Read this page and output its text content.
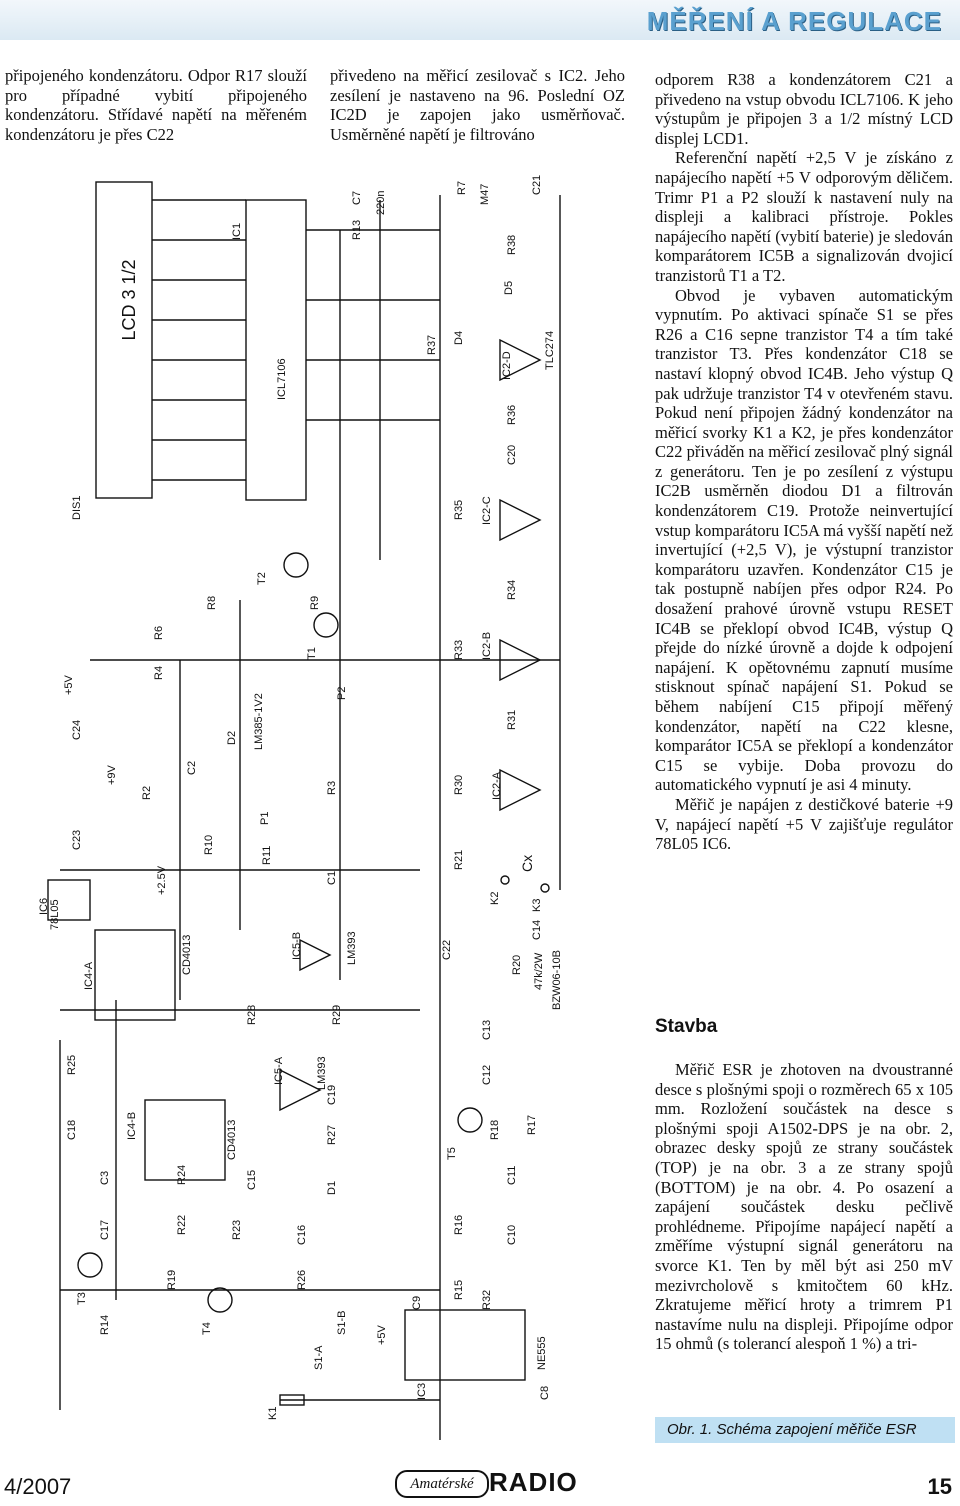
MĚŘENÍ A REGULACE

připojeného kondenzátoru. Odpor R17 slouží pro případné vybití připojeného kondenzátoru. Střídavé napětí na měřeném kondenzátoru je přes C22

přivedeno na měřicí zesilovač s IC2. Jeho zesílení je nastaveno na 96. Poslední OZ IC2D je zapojen jako usměrňovač. Usměrněné napětí je filtrováno

odporem R38 a kondenzátorem C21 a přivedeno na vstup obvodu ICL7106. K jeho výstupům je připojen 3 a 1/2 místný LCD displej LCD1.

Referenční napětí +2,5 V je získáno z napájecího napětí +5 V odporovým děličem. Trimr P1 a P2 slouží k nastavení nuly na displeji a kalibraci přístroje. Pokles napájecího napětí (vybití baterie) je sledován komparátorem IC5B a signalizován dvojicí tranzistorů T1 a T2.

Obvod je vybaven automatickým vypnutím. Po aktivaci spínače S1 se přes R26 a C16 sepne tranzistor T4 a tím také tranzistor T3. Přes kondenzátor C18 se nastaví klopný obvod IC4B. Jeho výstup Q pak udržuje tranzistor T4 v otevřeném stavu. Pokud není připojen žádný kondenzátor na měřicí svorky K1 a K2, je přes kondenzátor C22 přiváděn na měřicí zesilovač plný signál z generátoru. Ten je po zesílení z výstupu IC2B usměrněn diodou D1 a filtrován kondenzátorem C19. Protože neinvertující vstup komparátoru IC5A má vyšší napětí než invertující (+2,5 V), je výstupní tranzistor komparátoru uzavřen. Kondenzátor C15 je tak postupně nabíjen přes odpor R24. Po dosažení prahové úrovně vstupu RESET IC4B se překlopí obvod IC4B, výstup Q přejde do nízké úrovně a dojde k odpojení napájení. K opětovnému zapnutí musíme stisknout spínač napájení S1. Pokud se během nabíjení C15 připojí měřený kondenzátor, napětí na C22 klesne, komparátor IC5A se překlopí a kondenzátor C15 se vybije. Doba provozu do automatického vypnutí je asi 4 minuty.

Měřič je napájen z destičkové baterie +9 V, napájecí napětí +5 V zajišťuje regulátor 78L05 IC6.

Stavba

Měřič ESR je zhotoven na dvoustranné desce s plošnými spoji o rozměrech 65 x 105 mm. Rozložení součástek na desce s plošnými spoji A1502-DPS je na obr. 2, obrazec desky spojů ze strany součástek (TOP) je na obr. 3 a ze strany spojů (BOTTOM) je na obr. 4. Po osazení a zapájení součástek desku pečlivě prohlédneme. Připojíme napájecí napětí a změříme výstupní signál generátoru na svorce K1. Ten by měl být asi 250 mV mezivrcholově s kmitočtem 60 kHz. Zkratujeme měřicí hroty a trimrem P1 nastavíme nulu na displeji. Připojíme odpor 15 ohmů (s tolerancí alespoň 1 %) a tri-

LCD 3 1/2
DIS1
IC1
ICL7106
C7 220n
R13
R7 M47	C21
R38
D5
D4
R37
IC2-D	TLC274
R36
C20
R35 IC2-C
R34
R33 IC2-B
R31
R30 IC2-A
R21	Cx
K2
K3
C14
R20 47k/2W BZW06-10B
C22
C13
C12
T5
R18 R17
C11
C10
R16
R15 R32
C9
IC3
NE555
C8
+5V
K1
S1-A
S1-B
R26
C16
T4
R19
R14
T3
C17	R22	R23
C3	R24	C15
C18
R25
IC4-B	CD4013
IC4-A
CD4013
D1
R27
C19
IC5-A	LM393
IC5-B	LM393
R28	R29
C1
R3
R11
R10
P1
R2
C2
D2 LM385-1V2
R4
R6
R8
T2
R9
T1
P2
IC6 78L05
C23
C24
+5V
+9V
+2.5V
Obr. 1. Schéma zapojení měřiče ESR
4/2007	Amatérské RADIO	15
